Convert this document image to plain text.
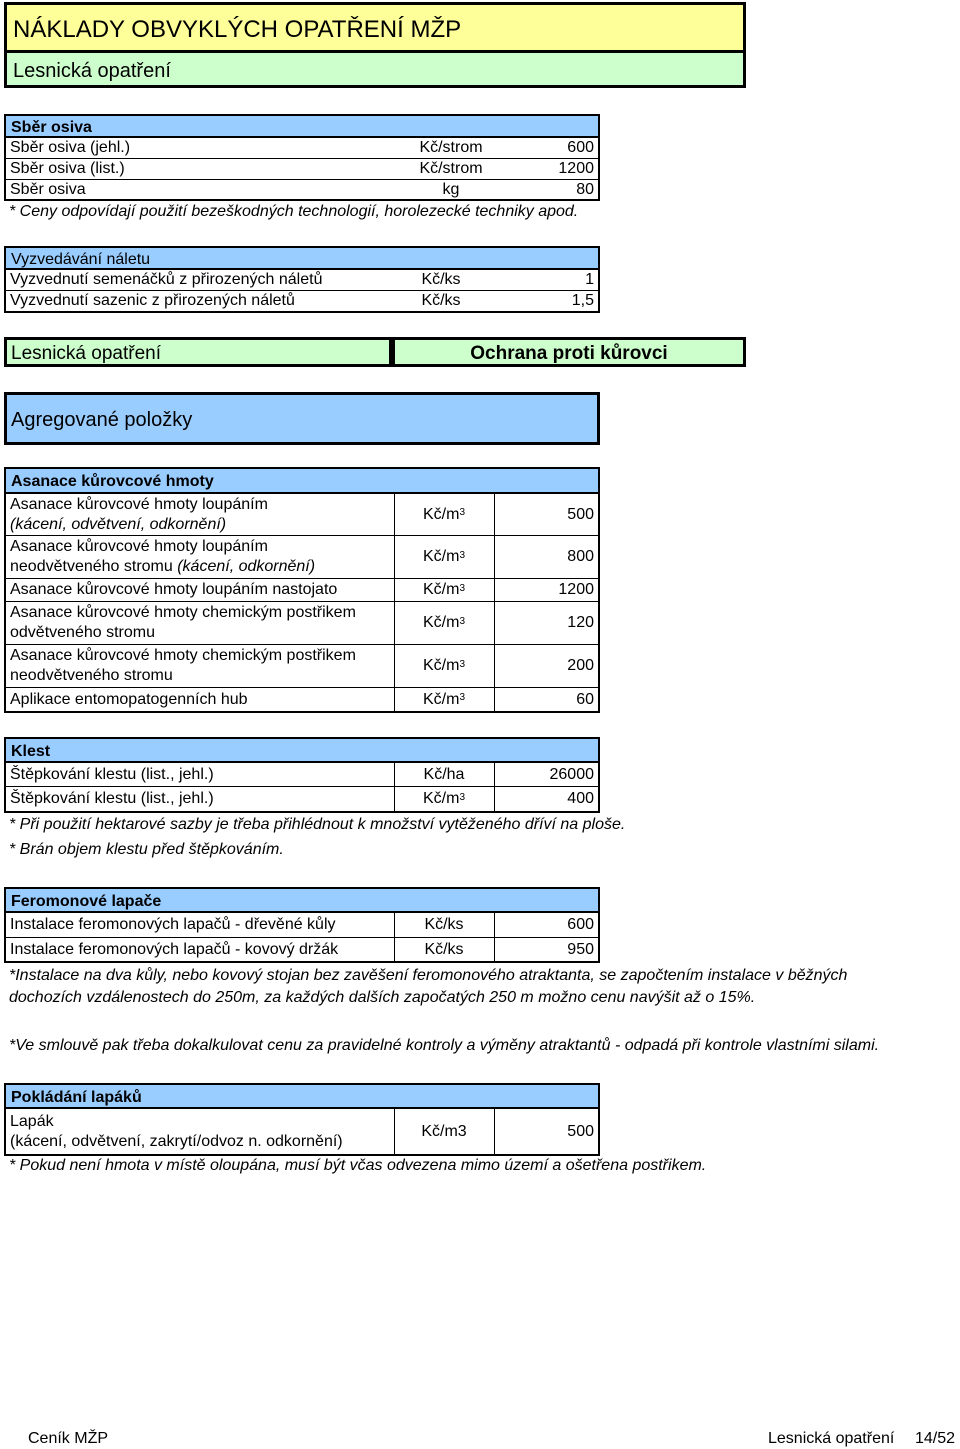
NÁKLADY OBVYKLÝCH OPATŘENÍ MŽP
Lesnická opatření
Sběr osiva
Sběr osiva (jehl.)	Kč/strom	600
Sběr osiva (list.)	Kč/strom	1200
Sběr osiva	kg	80
* Ceny odpovídají použití bezeškodných technologií, horolezecké techniky apod.
Vyzvedávání náletu
Vyzvednutí semenáčků z přirozených náletů	Kč/ks	1
Vyzvednutí sazenic z přirozených náletů	Kč/ks	1,5
Lesnická opatření	Ochrana proti kůrovci
Agregované položky
Asanace kůrovcové hmoty
Asanace kůrovcové hmoty loupáním
(kácení, odvětvení, odkornění)
$Kč/m^3$	500
Asanace kůrovcové hmoty loupáním
neodvětveného stromu (kácení, odkornění)
$Kč/m^3$	800
Asanace kůrovcové hmoty loupáním nastojato	$Kč/m^3$	1200
Asanace kůrovcové hmoty chemickým postřikem
odvětveného stromu
$Kč/m^3$	120
Asanace kůrovcové hmoty chemickým postřikem
neodvětveného stromu
$Kč/m^3$	200
Aplikace entomopatogenních hub	$Kč/m^3$	60
Klest
Štěpkování klestu (list., jehl.)	Kč/ha	26000
Štěpkování klestu (list., jehl.)	$Kč/m^3$	400
* Při použití hektarové sazby je třeba přihlédnout k množství vytěženého dříví na ploše.
* Brán objem klestu před štěpkováním.
Feromonové lapače
Instalace feromonových lapačů - dřevěné kůly	Kč/ks	600
Instalace feromonových lapačů - kovový držák	Kč/ks	950
*Instalace na dva kůly, nebo kovový stojan bez zavěšení feromonového atraktanta, se započtením instalace v běžných
dochozích vzdálenostech do 250m, za každých dalších započatých 250 m možno cenu navýšit až o 15%.
*Ve smlouvě pak třeba dokalkulovat cenu za pravidelné kontroly a výměny atraktantů - odpadá při kontrole vlastními silami.
Pokládání lapáků
Lapák
(kácení, odvětvení, zakrytí/odvoz n. odkornění)
Kč/m3	500
* Pokud není hmota v místě oloupána, musí být včas odvezena mimo území a ošetřena postřikem.
Ceník MŽP	Lesnická opatření 14/52
